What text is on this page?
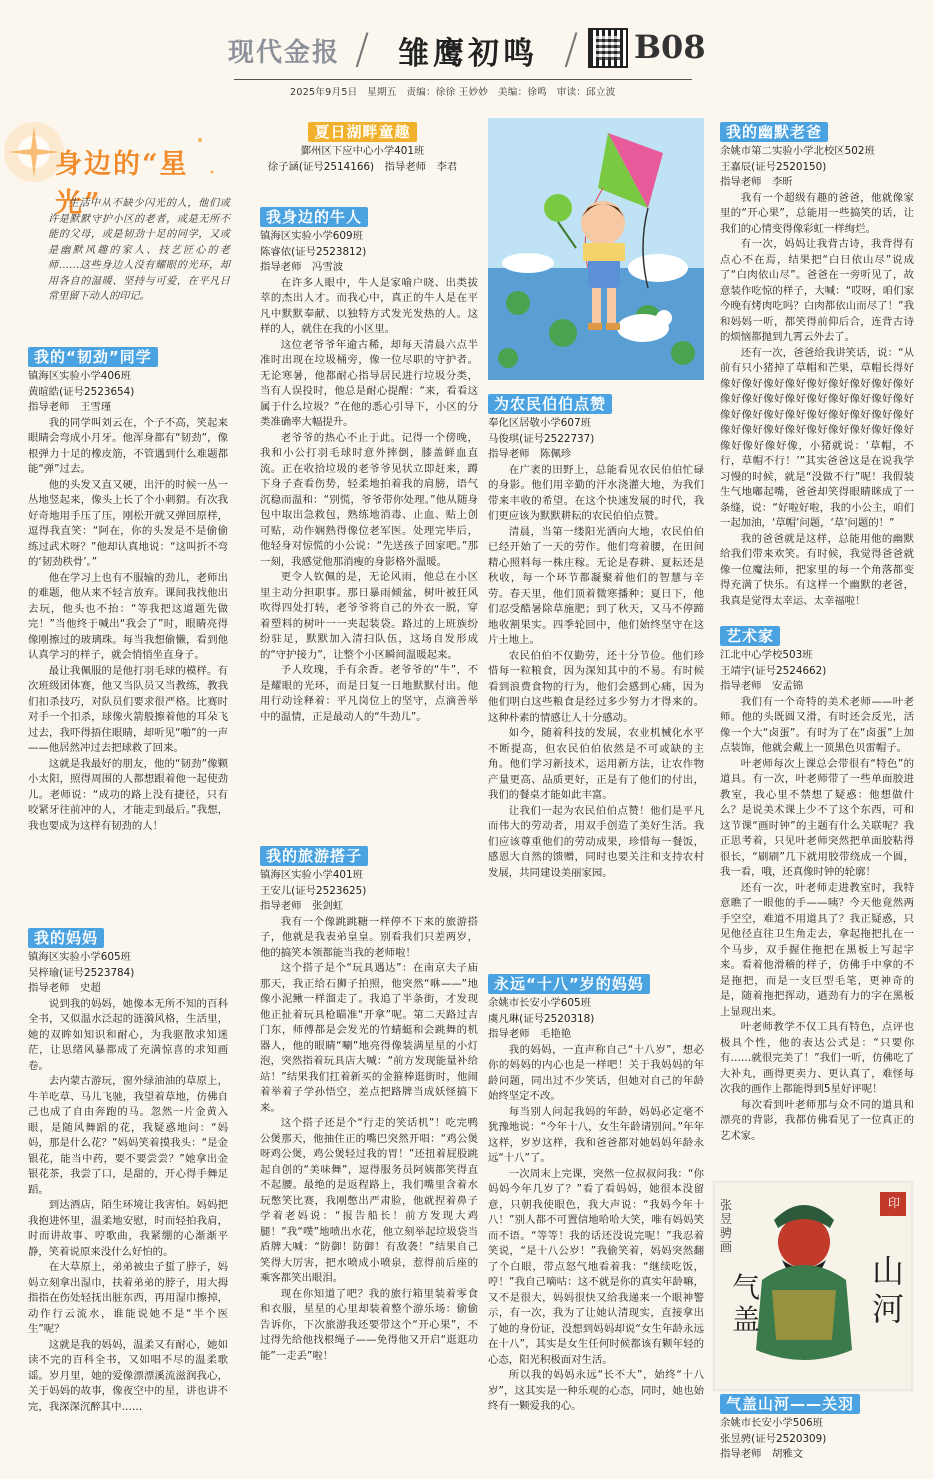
现代金报 / 雏鹰初鸣 / B08
2025年9月5日　星期五　责编：徐徐 王妙妙　美编：徐鸣　审读：邱立波
身边的“星光”

生活中从不缺少闪光的人，他们或许是默默守护小区的老者，或是无所不能的父母，或是韧劲十足的同学，又或是幽默风趣的家人、技艺匠心的老师……这些身边人没有耀眼的光环，却用各自的温暖、坚持与可爱，在平凡日常里留下动人的印记。

我的“韧劲”同学
镇海区实验小学406班
黄暄皓(证号2523654)
指导老师　王雪瑾

我的同学叫刘云在，个子不高，笑起来眼睛会弯成小月牙。他浑身都有“韧劲”，像根弹力十足的橡皮筋，不管遇到什么难题都能“弹”过去。

他的头发又直又硬，出汗的时候一丛一丛地竖起来，像头上长了个小刺猬。有次我好奇地用手压了压，刚松开就又弹回原样，逗得我直笑：“阿在，你的头发是不是偷偷练过武术呀？”他却认真地说：“这叫折不弯的‘韧劲秩骨’。”

他在学习上也有不服输的劲儿，老师出的难题，他从来不轻言放弃。课间我找他出去玩，他头也不抬：“等我把这道题先做完！”当他终于喊出“我会了”时，眼睛亮得像刚擦过的玻璃珠。每当我想偷懒，看到他认真学习的样子，就会悄悄坐直身子。

最让我佩服的是他打羽毛球的模样。有次班级团体赛，他又当队员又当教练，教我们扣杀技巧，对队员们要求很严格。比赛时对手一个扣杀，球像火箭般擦着他的耳朵飞过去，我吓得捂住眼睛，却听见“啪”的一声——他居然冲过去把球救了回来。

这就是我最好的朋友，他的“韧劲”像颗小太阳，照得周围的人都想跟着他一起使劲儿。老师说：“成功的路上没有捷径，只有咬紧牙往前冲的人，才能走到最后。”我想，我也要成为这样有韧劲的人！

我的妈妈
镇海区实验小学605班
吴梓瑜(证号2523784)
指导老师　史超

说到我的妈妈，她像本无所不知的百科全书，又似温水泛起的涟漪风格，生活里，她的双眸如知识和耐心，为我驱散求知迷茫，让思绪风暴都成了充满惊喜的求知画卷。

去内蒙古游玩，窗外绿油油的草原上，牛羊吃草、马儿飞驰，我望着草地，仿佛自己也成了自由奔跑的马。忽然一片金黄入眼，是随风舞蹈的花，我疑惑地问：“妈妈，那是什么花？”妈妈笑着摸我头：“是金银花，能当中药，要不要尝尝？”她拿出金银花茶，我尝了口，是甜的，开心得手舞足蹈。

到达酒店，陌生环境让我害怕。妈妈把我抱进怀里，温柔地安慰，时而轻拍我肩，时而讲故事、哼歌曲，我紧绷的心渐渐平静，笑着说原来没什么好怕的。

在大草原上，弟弟被虫子蜇了脖子，妈妈立刻拿出湿巾，扶着弟弟的脖子，用大拇指指在伤处轻抚出脏东西，再用湿巾擦掉，动作行云流水，谁能说她不是“半个医生”呢？

这就是我的妈妈，温柔又有耐心，她如读不完的百科全书，又如唱不尽的温柔歌谣。岁月里，她的爱像漂漂溪流滋润我心，关于妈妈的故事，像夜空中的星，讲也讲不完，我深深沉醉其中……

夏日湖畔童趣
鄞州区下应中心小学401班
徐子涵(证号2514166)　指导老师　李君
我身边的牛人
镇海区实验小学609班
陈睿依(证号2523812)
指导老师　冯雪波

在许多人眼中，牛人是家喻户晓、出类拔萃的杰出人才。而我心中，真正的牛人是在平凡中默默奉献、以独特方式发光发热的人。这样的人，就住在我的小区里。

这位老爷爷年逾古稀，却每天清晨六点半准时出现在垃圾桶旁，像一位尽职的守护者。无论寒暑，他都耐心指导居民进行垃圾分类，当有人误投时，他总是耐心提醒：“来，看看这属于什么垃圾？”在他的悉心引导下，小区的分类准确率大幅提升。

老爷爷的热心不止于此。记得一个傍晚，我和小公打羽毛球时意外摔倒，膝盖鲜血直流。正在收拾垃圾的老爷爷见状立即赶来，蹲下身子查看伤势，轻柔地拍着我的肩膀，语气沉稳而温和：“别慌，爷爷带你处理。”他从随身包中取出急救包，熟练地消毒、止血、贴上创可贴，动作娴熟得像位老军医。处理完毕后，他轻身对惊慌的小公说：“先送孩子回家吧。”那一刻，我感觉他那消瘦的身影格外温暖。

更令人钦佩的是，无论风雨，他总在小区里主动分担职事。那日暴雨倾盆，树叶被狂风吹得四处打转，老爷爷将自己的外衣一脱，穿着塑料的树叶一一夹起装袋。路过的上班族纷纷驻足，默默加入清扫队伍，这场自发形成的“守护接力”，让整个小区瞬间温暖起来。

予人玫瑰，手有余香。老爷爷的“牛”，不是耀眼的光环，而是日复一日地默默付出。他用行动诠释着：平凡岗位上的坚守，点滴善举中的温情，正是最动人的“牛劲儿”。

我的旅游搭子
镇海区实验小学401班
王安儿(证号2523625)
指导老师　张剑虹

我有一个像跳跳糖一样停不下来的旅游搭子，他就是我表弟皇皇。别看我们只差两岁，他的搞笑本领都能当我的老师啦！

这个搭子是个“玩具遇达”：在南京夫子庙那天，我正给石狮子拍照，他突然“咻——”地像小泥鳅一样溜走了。我追了半条街，才发现他正扯着玩具枪瞄准“开拿”呢。第二天路过吉门东，师傅都是会发光的竹蜻蜓和会跳舞的机器人，他的眼睛“唰”地亮得像装满星星的小灯泡，突然指着玩具店大喊：“前方发现能量补给站！”结果我们扛着新买的金箍棒逛街时，他闹着举着子学孙悟空，差点把路牌当成妖怪搞下来。

这个搭子还是个“行走的笑话机”！吃完鸭公煲那天，他抽住正的嘴巴突然开唱：“鸡公煲呀鸡公煲，鸡公煲轻过我的胃！”还扭着屁股跳起自创的“美味舞”，逗得服务员阿姨都笑得直不起腰。最绝的是返程路上，我们嘴里含着水玩憋笑比赛，我刚憋出严肃脸，他就捏着鼻子学着老妈说：“报告船长！前方发现大鸡腿！”我“噗”地喷出水花，他立刻举起垃圾袋当盾牌大喊：“防御！防御！有敌袭！”结果自己笑得大厉害，把水喷成小喷泉，惹得前后座的乘客都笑出眼泪。

现在你知道了吧？我的旅行箱里装着零食和衣服，星星的心里却装着整个游乐场：偷偷告诉你，下次旅游我还要带这个“开心果”，不过得先给他找根绳子——免得他又开启“逛逛功能”一走丢”啦！

为农民伯伯点赞
奉化区居敬小学607班
马俊琪(证号2522737)
指导老师　陈佩珍

在广袤的田野上，总能看见农民伯伯忙碌的身影。他们用辛勤的汗水浇灌大地，为我们带来丰收的希望。在这个快速发展的时代，我们更应该为默默耕耘的农民伯伯点赞。

清晨，当第一缕阳光洒向大地，农民伯伯已经开始了一天的劳作。他们弯着腰，在田间精心照料每一株庄稼。无论是春耕、夏耘还是秋收，每一个环节都凝聚着他们的智慧与辛劳。春天里，他们顶着微寒播种；夏日下，他们忍受酷暑除草施肥；到了秋天，又马不停蹄地收割果实。四季轮回中，他们始终坚守在这片土地上。

农民伯伯不仅勤劳，还十分节俭。他们珍惜每一粒粮食，因为深知其中的不易。有时候看到浪费食物的行为，他们会感到心痛，因为他们明白这些粮食是经过多少努力才得来的。这种朴素的情感让人十分感动。

如今，随着科技的发展，农业机械化水平不断提高，但农民伯伯依然是不可或缺的主角。他们学习新技术，运用新方法，让农作物产量更高、品质更好，正是有了他们的付出，我们的餐桌才能如此丰富。

让我们一起为农民伯伯点赞！他们是平凡而伟大的劳动者，用双手创造了美好生活。我们应该尊重他们的劳动成果，珍惜每一餐饭，感恩大自然的馈赠，同时也要关注和支持农村发展，共同建设美丽家园。

永远“十八”岁的妈妈
余姚市长安小学605班
虞凡琳(证号2520318)
指导老师　毛艳艳

我的妈妈，一直声称自己“十八岁”，想必你的妈妈的内心也是一样吧！关于我妈妈的年龄问题，同出过不少笑话，但她对自己的年龄始终坚定不改。

每当别人问起我妈的年龄，妈妈必定毫不犹豫地说：“今年十八，女生年龄请别问。”年年这样，岁岁这样，我和爸爸都对她妈妈年龄永远“十八”了。

一次周末上完课，突然一位叔叔问我：“你妈妈今年几岁了？”看了看妈妈，她很本没留意，只朝我使眼色，我大声说：“我妈今年十八！”别人都不可置信地哈哈大笑，唯有妈妈笑而不语。“等等！我的话还没说完呢！”我忍着笑说，“是十八公岁！”我偷笑着，妈妈突然翻了个白眼，带点怒气地看着我：“继续吃饭，哼！”我自己嘀咕：这不就是你的真实年龄嘛，又不是很大，妈妈很快又给我递来一个眼神警示，有一次，我为了让她认清现实，直接拿出了她的身份证，没想到妈妈却说“女生年龄永远在十八”，其实是女生任何时候都该有颗年轻的心态，阳光积极面对生活。

所以我的妈妈永远“长不大”，始终“十八岁”，这其实是一种乐观的心态，同时，她也始终有一颗爱我的心。

我的幽默老爸
余姚市第二实验小学北校区502班
王嘉辰(证号2520150)
指导老师　李昕

我有一个超级有趣的爸爸，他就像家里的“开心果”，总能用一些搞笑的话，让我们的心情变得像彩虹一样绚烂。

有一次，妈妈让我背古诗，我背得有点心不在焉，结果把“白日依山尽”说成了“白肉依山尽”。爸爸在一旁听见了，故意装作吃惊的样子，大喊：“哎呀，咱们家今晚有烤肉吃吗？白肉都依山而尽了！”我和妈妈一听，都笑得前仰后合，连背古诗的烦恼都抛到九霄云外去了。

还有一次，爸爸给我讲笑话，说：“从前有只小猪掉了草帽和芒果，草帽长得好像好像好像好像好像好像好像好像好像好像好像好像好像好像好像好像好像好像好像好像好像好像好像好像好像好像好像好像好像好像好像好像好像好像好像好像好像好像好像好像，小猪就说：‘草帽，不行，草帽不行！’”其实爸爸这是在说我学习慢的时候，就是“没做不行”呢！我假装生气地嘟起嘴，爸爸却笑得眼睛眯成了一条缝，说：“好啦好啦，我的小公主，咱们一起加油，‘草帽’问题，‘草’问题的！”

我的爸爸就是这样，总能用他的幽默给我们带来欢笑。有时候，我觉得爸爸就像一位魔法师，把家里的每一个角落都变得充满了快乐。有这样一个幽默的老爸，我真是觉得太幸运、太幸福啦！

艺术家
江北中心学校503班
王靖宇(证号2524662)
指导老师　安孟锦

我们有一个奇特的美术老师——叶老师。他的头既圆又滑，有时还会反光，活像一个大“卤蛋”。有时为了在“卤蛋”上加点装饰，他就会戴上一顶黑色贝雷帽子。

叶老师每次上课总会带很有“特色”的道具。有一次，叶老师带了一些单面胶进教室，我心里不禁想了疑惑：他想做什么？是说美术课上少不了这个东西，可和这节课“画时钟”的主题有什么关联呢？我正思考着，只见叶老师突然把单面胶粘得很长，“刷刷”几下就用胶带绕成一个圆，我一看，哦，还真像时钟的轮廓！

还有一次，叶老师走进教室时，我特意瞧了一眼他的手——咦？今天他竟然两手空空，难道不用道具了？我正疑惑，只见他径直往卫生角走去，拿起拖把扎在一个马步，双手握住拖把在黑板上写起字来。看着他滑稽的样子，仿佛手中拿的不是拖把，而是一支巨型毛笔，更神奇的是，随着拖把挥动，遒劲有力的字在黑板上显现出来。

叶老师教学不仅工具有特色，点评也极具个性，他的表达公式是：“只要你有……就很完美了！”我们一听，仿佛吃了大补丸，画得更卖力、更认真了，难怪每次我的画作上都能得到5星好评呢！

每次看到叶老师那与众不同的道具和漂亮的背影，我都仿佛看见了一位真正的艺术家。

张昱骋画
气盖
山河
印
气盖山河——关羽
余姚市长安小学506班
张昱骋(证号2520309)
指导老师　胡雅文
